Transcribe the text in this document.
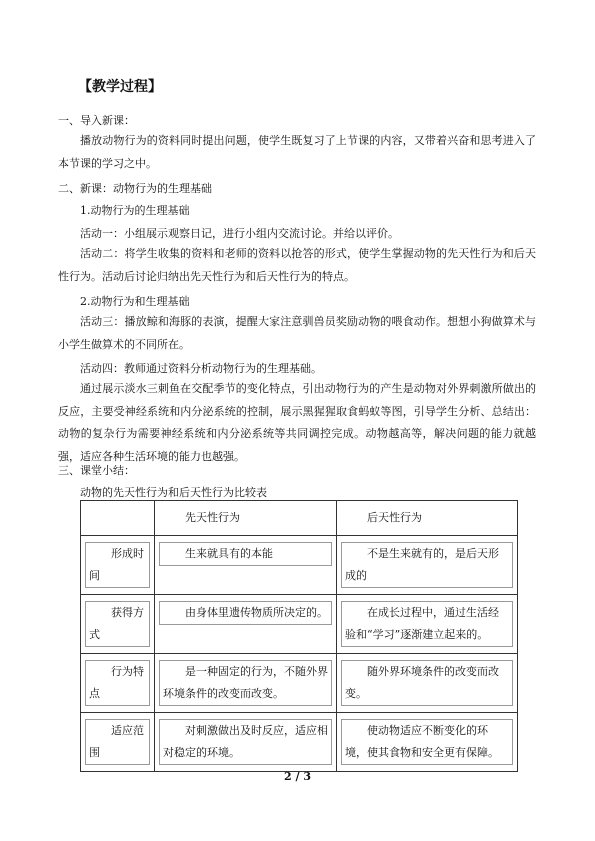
【教学过程】
一、导入新课：
播放动物行为的资料同时提出问题，使学生既复习了上节课的内容，又带着兴奋和思考进入了本节课的学习之中。
二、新课：动物行为的生理基础
1.动物行为的生理基础
活动一：小组展示观察日记，进行小组内交流讨论。并给以评价。
活动二：将学生收集的资料和老师的资料以抢答的形式，使学生掌握动物的先天性行为和后天性行为。活动后讨论归纳出先天性行为和后天性行为的特点。
2.动物行为和生理基础
活动三：播放鲸和海豚的表演，提醒大家注意驯兽员奖励动物的喂食动作。想想小狗做算术与小学生做算术的不同所在。
活动四：教师通过资料分析动物行为的生理基础。
通过展示淡水三刺鱼在交配季节的变化特点，引出动物行为的产生是动物对外界刺激所做出的反应，主要受神经系统和内分泌系统的控制，展示黑猩猩取食蚂蚁等图，引导学生分析、总结出：动物的复杂行为需要神经系统和内分泌系统等共同调控完成。动物越高等，解决问题的能力就越强，适应各种生活环境的能力也越强。
三、课堂小结：
动物的先天性行为和后天性行为比较表
	先天性行为	后天性行为

形成时间	生来就具有的本能	不是生来就有的，是后天形成的

获得方式	由身体里遗传物质所决定的。	在成长过程中，通过生活经验和“学习”逐渐建立起来的。

行为特点	是一种固定的行为，不随外界环境条件的改变而改变。	随外界环境条件的改变而改变。

适应范围	对刺激做出及时反应，适应相对稳定的环境。	使动物适应不断变化的环境，使其食物和安全更有保障。
2 / 3
